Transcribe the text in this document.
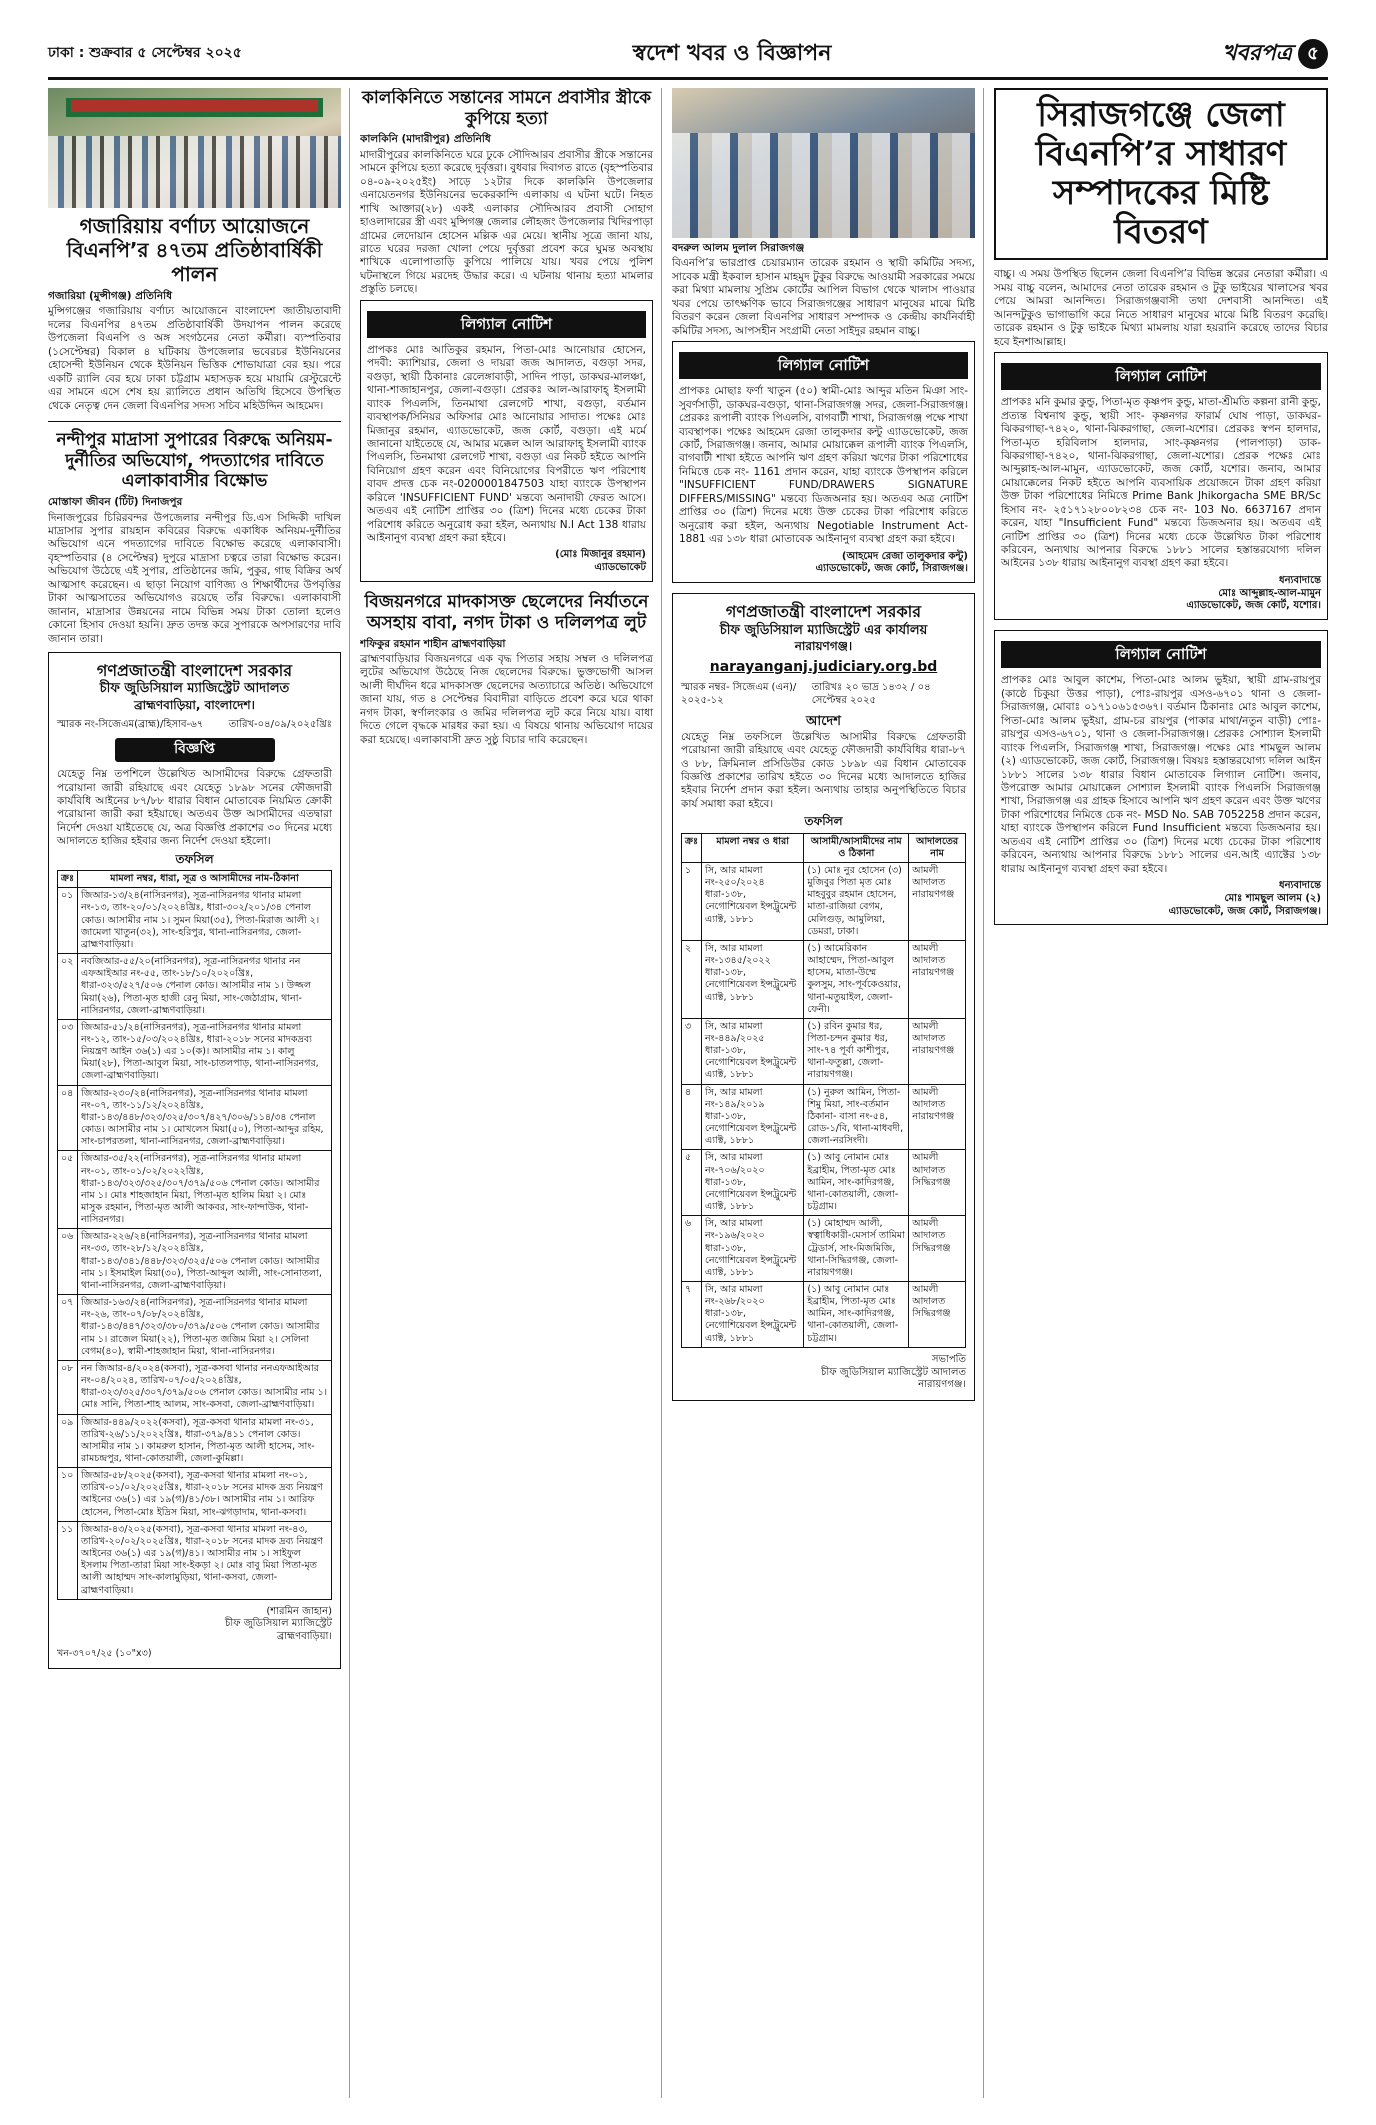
ঢাকা : শুক্রবার ৫ সেপ্টেম্বর ২০২৫	স্বদেশ খবর ও বিজ্ঞাপন	খবরপত্র ৫
গজারিয়ায় বর্ণাঢ্য আয়োজনে বিএনপি’র ৪৭তম প্রতিষ্ঠাবার্ষিকী পালন
গজারিয়া (মুন্সীগঞ্জ) প্রতিনিধি

মুন্সিগঞ্জের গজারিয়ায় বর্ণাঢ্য আয়োজনে বাংলাদেশ জাতীয়তাবাদী দলের বিএনপির ৪৭তম প্রতিষ্ঠাবার্ষিকী উদযাপন পালন করেছে উপজেলা বিএনপি ও অঙ্গ সংগঠনের নেতা কর্মীরা। ব্যস্পতিবার (১সেপ্টেম্বর) বিকাল ৪ ঘটিকায় উপজেলার ভবেরচর ইউনিয়নের হোসেন্দী ইউনিয়ন থেকে ইউনিয়ন ভিত্তিক শোভাযাত্রা বের হয়। পরে একটি র‍্যালি বের হয়ে ঢাকা চট্টগ্রাম মহাসড়ক হয়ে মায়ামি রেস্টুরেন্টে এর সামনে এসে শেষ হয় র‍্যালিতে প্রধান অতিথি হিসেবে উপস্থিত থেকে নেতৃত্ব দেন জেলা বিএনপির সদস্য সচিব মহিউদ্দিন আহমেদ।

নন্দীপুর মাদ্রাসা সুপারের বিরুদ্ধে অনিয়ম-দুর্নীতির অভিযোগ, পদত্যাগের দাবিতে এলাকাবাসীর বিক্ষোভ
মোস্তাফা জীবন (ঢিঁট) দিনাজপুর

দিনাজপুরের চিরিরবন্দর উপজেলার নন্দীপুর ডি.এস সিদ্দিকী দাখিল মাদ্রাসার সুপার রায়হান কবিরের বিরুদ্ধে একাধিক অনিয়ম-দুর্নীতির অভিযোগ এনে পদত্যাগের দাবিতে বিক্ষোভ করেছে এলাকাবাসী। বৃহস্পতিবার (৪ সেপ্টেম্বর) দুপুরে মাদ্রাসা চত্বরে তারা বিক্ষোভ করেন। অভিযোগ উঠেছে এই সুপার, প্রতিষ্ঠানের জমি, পুকুর, গাছ বিক্রির অর্থ আত্মসাৎ করেছেন। এ ছাড়া নিয়োগ বাণিজ্য ও শিক্ষার্থীদের উপবৃত্তির টাকা আত্মসাতের অভিযোগও রয়েছে তাঁর বিরুদ্ধে। এলাকাবাসী জানান, মাদ্রাসার উন্নয়নের নামে বিভিন্ন সময় টাকা তোলা হলেও কোনো হিসাব দেওয়া হয়নি। দ্রুত তদন্ত করে সুপারকে অপসারণের দাবি জানান তারা।

গণপ্রজাতন্ত্রী বাংলাদেশ সরকার
চীফ জুডিসিয়াল ম্যাজিস্ট্রেট আদালত
ব্রাহ্মণবাড়িয়া, বাংলাদেশ।
স্মারক নং-সিজেএম(ব্রাহ্ম)/হিসাব-৬৭	তারিখ-০৪/০৯/২০২৫খ্রিঃ
বিজ্ঞপ্তি

যেহেতু নিম্ন তপশিলে উল্লেখিত আসামীদের বিরুদ্ধে গ্রেফতারী পরোয়ানা জারী রহিয়াছে এবং যেহেতু ১৮৯৮ সনের ফৌজদারী কার্যবিধি আইনের ৮৭/৮৮ ধারার বিধান মোতাবেক নিয়মিত ক্রোকী পরোয়ানা জারী করা হইয়াছে। অতএব উক্ত আসামীদের এতদ্বারা নির্দেশ দেওয়া যাইতেছে যে, অত্র বিজ্ঞপ্তি প্রকাশের ৩০ দিনের মধ্যে আদালতে হাজির হইবার জন্য নির্দেশ দেওয়া হইলো।

তফসিল
ক্রঃ	মামলা নম্বর, ধারা, সূত্র ও আসামীদের নাম-ঠিকানা
০১	জিআর-১৩/২৪(নাসিরনগর), সূত্র-নাসিরনগর থানার মামলা নং-১৩, তাং-২০/০১/২০২৪খ্রিঃ, ধারা-৩০২/২০১/৩৪ পেনাল কোড। আসামীর নাম ১। সুমন মিয়া(৩৫), পিতা-মিরাজ আলী ২। জামেলা খাতুন(৩২), সাং-হরিপুর, থানা-নাসিরনগর, জেলা-ব্রাহ্মণবাড়িয়া।
০২	নবজিআর-৫৫/২০(নাসিরনগর), সূত্র-নাসিরনগর থানার নন এফআইআর নং-৫৫, তাং-১৮/১০/২০২০খ্রিঃ, ধারা-৩২৩/৫২৭/৫০৬ পেনাল কোড। আসামীর নাম ১। উজ্জল মিয়া(২৬), পিতা-মৃত হাজী রেনু মিয়া, সাং-জেঠাগ্রাম, থানা-নাসিরনগর, জেলা-ব্রাহ্মণবাড়িয়া।
০৩	জিআর-৫১/২৪(নাসিরনগর), সূত্র-নাসিরনগর থানার মামলা নং-১২, তাং-১৫/০৩/২০২৪খ্রিঃ, ধারা-২০১৮ সনের মাদকদ্রব্য নিয়ন্ত্রণ আইন ৩৬(১) এর ১০(ক)। আসামীর নাম ১। কালু মিয়া(২৮), পিতা-আবুল মিয়া, সাং-চাতলপাড়, থানা-নাসিরনগর, জেলা-ব্রাহ্মণবাড়িয়া।
০৪	জিআর-২৩০/২৪(নাসিরনগর), সূত্র-নাসিরনগর থানার মামলা নং-০৭, তাং-১১/১২/২০২৪খ্রিঃ, ধারা-১৪৩/৪৪৮/৩২৩/৩২৫/৩০৭/৪২৭/৩০৬/১১৪/৩৪ পেনাল কোড। আসামীর নাম ১। মোখলেস মিয়া(৫০), পিতা-আব্দুর রহিম, সাং-চাপরতলা, থানা-নাসিরনগর, জেলা-ব্রাহ্মণবাড়িয়া।
০৫	জিআর-৩৫/২২(নাসিরনগর), সূত্র-নাসিরনগর থানার মামলা নং-০১, তাং-০১/০২/২০২২খ্রিঃ, ধারা-১৪৩/৩২৩/৩২৫/৩০৭/৩৭৯/৫০৬ পেনাল কোড। আসামীর নাম ১। মোঃ শাহজাহান মিয়া, পিতা-মৃত হালিম মিয়া ২। মোঃ মাসুক রহমান, পিতা-মৃত আলী আকবর, সাং-ফান্দাউক, থানা-নাসিরনগর।
০৬	জিআর-২২৬/২৪(নাসিরনগর), সূত্র-নাসিরনগর থানার মামলা নং-৩৩, তাং-২৮/১২/২০২৪খ্রিঃ, ধারা-১৪৩/৩৪১/৪৪৮/৩২৩/৩২৫/৫০৬ পেনাল কোড। আসামীর নাম ১। ইসমাইল মিয়া(৩০), পিতা-আব্দুল আলী, সাং-সোনাতলা, থানা-নাসিরনগর, জেলা-ব্রাহ্মণবাড়িয়া।
০৭	জিআর-১৬৩/২৪(নাসিরনগর), সূত্র-নাসিরনগর থানার মামলা নং-২৬, তাং-০৭/০৮/২০২৪খ্রিঃ, ধারা-১৪৩/৪৪৭/৩২৩/৩৮০/৩৭৯/৫০৬ পেনাল কোড। আসামীর নাম ১। রাজেল মিয়া(২২), পিতা-মৃত জজিম মিয়া ২। সেলিনা বেগম(৪০), স্বামী-শাহজাহান মিয়া, থানা-নাসিরনগর।
০৮	নন জিআর-৪/২০২৪(কসবা), সূত্র-কসবা থানার ননএফআইআর নং-০৪/২০২৪, তারিখ-০৭/০৫/২০২৪খ্রিঃ, ধারা-৩২৩/৩২৫/৩০৭/৩৭৯/৫০৬ পেনাল কোড। আসামীর নাম ১। মোঃ সানি, পিতা-শাহ আলম, সাং-কসবা, জেলা-ব্রাহ্মণবাড়িয়া।
০৯	জিআর-৪৪৯/২০২২(কসবা), সূত্র-কসবা থানার মামলা নং-৩১, তারিখ-২৬/১১/২০২২খ্রিঃ, ধারা-৩৭৯/৪১১ পেনাল কোড। আসামীর নাম ১। কামরুল হাসান, পিতা-মৃত আলী হাসেম, সাং-রামচন্দ্রপুর, থানা-কোতয়ালী, জেলা-কুমিল্লা।
১০	জিআর-৫৮/২০২৫(কসবা), সূত্র-কসবা থানার মামলা নং-০১, তারিখ-০১/০২/২০২৫খ্রিঃ, ধারা-২০১৮ সনের মাদক দ্রব্য নিয়ন্ত্রণ আইনের ৩৬(১) এর ১৯(গ)/৪১/৩৮। আসামীর নাম ১। আরিফ হোসেন, পিতা-মোঃ ইদ্রিস মিয়া, সাং-ঝগড়াদাম, থানা-কসবা।
১১	জিআর-৪৩/২০২৫(কসবা), সূত্র-কসবা থানার মামলা নং-৪৩, তারিখ-২০/০২/২০২৫খ্রিঃ, ধারা-২০১৮ সনের মাদক দ্রব্য নিয়ন্ত্রণ আইনের ৩৬(১) এর ১৯(গ)/৪১। আসামীর নাম ১। সাইফুল ইসলাম পিতা-তারা মিয়া সাং-ইকড়া ২। মোঃ বাবু মিয়া পিতা-মৃত আলী আহাম্মদ সাং-কালামুড়িয়া, থানা-কসবা, জেলা-ব্রাহ্মণবাড়িয়া।
(শারমিন জাহান)
চীফ জুডিসিয়াল ম্যাজিস্ট্রেট
ব্রাহ্মণবাড়িয়া।
খন-৩৭০৭/২৫ (১০"x৩)
কালকিনিতে সন্তানের সামনে প্রবাসীর স্ত্রীকে কুপিয়ে হত্যা
কালকিনি (মাদারীপুর) প্রতিনিধি

মাদারীপুরের কালকিনিতে ঘরে ঢুকে সৌদিআরব প্রবাসীর স্ত্রীকে সন্তানের সামনে কুপিয়ে হত্যা করেছে দুর্বৃত্তরা। বুধবার দিবাগত রাতে (বৃহস্পতিবার ০৪-০৯-২০২৫ইং) সাড়ে ১২টার দিকে কালকিনি উপজেলার এনায়েতনগর ইউনিয়নের ভকেরকান্দি এলাকায় এ ঘটনা ঘটে। নিহত শাখি আক্তার(২৮) একই এলাকার সৌদিআরব প্রবাসী সোহাগ হাওলাদারের স্ত্রী এবং মুন্সিগঞ্জ জেলার লৌহজং উপজেলার খিদিরপাড়া গ্রামের লেদোয়ান হোসেন মল্লিক এর মেয়ে। স্থানীয় সূত্রে জানা যায়, রাতে ঘরের দরজা খোলা পেয়ে দুর্বৃত্তরা প্রবেশ করে ঘুমন্ত অবস্থায় শাখিকে এলোপাতাড়ি কুপিয়ে পালিয়ে যায়। খবর পেয়ে পুলিশ ঘটনাস্থলে গিয়ে মরদেহ উদ্ধার করে। এ ঘটনায় থানায় হত্যা মামলার প্রস্তুতি চলছে।

লিগ্যাল নোটিশ

প্রাপকঃ মোঃ আতিকুর রহমান, পিতা-মোঃ আনোয়ার হোসেন, পদবী: ক্যাশিয়ার, জেলা ও দায়রা জজ আদালত, বগুড়া সদর, বগুড়া, স্থায়ী ঠিকানাঃ রেলেঙ্গাবাড়ী, সাদিন পাড়া, ডাকঘর-মালঞ্চা, থানা-শাজাহানপুর, জেলা-বগুড়া। প্রেরকঃ আল-আরাফাহ্ ইসলামী ব্যাংক পিএলসি, তিনমাথা রেলগেট শাখা, বগুড়া, বর্তমান ব্যবস্থাপক/সিনিয়র অফিসার মোঃ আনোয়ার সাদাত। পক্ষেঃ মোঃ মিজানুর রহমান, এ্যাডভোকেট, জজ কোর্ট, বগুড়া। এই মর্মে জানানো যাইতেছে যে, আমার মক্কেল আল আরাফাহ্ ইসলামী ব্যাংক পিএলসি, তিনমাথা রেলগেট শাখা, বগুড়া এর নিকট হইতে আপনি বিনিয়োগ গ্রহণ করেন এবং বিনিয়োগের বিপরীতে ঋণ পরিশোধ বাবদ প্রদত্ত চেক নং-0200001847503 যাহা ব্যাংকে উপস্থাপন করিলে 'INSUFFICIENT FUND' মন্তব্যে অনাদায়ী ফেরত আসে। অতএব এই নোটিশ প্রাপ্তির ৩০ (ত্রিশ) দিনের মধ্যে চেকের টাকা পরিশোধ করিতে অনুরোধ করা হইল, অন্যথায় N.I Act 138 ধারায় আইনানুগ ব্যবস্থা গ্রহণ করা হইবে।

(মোঃ মিজানুর রহমান)
এ্যাডভোকেট
বিজয়নগরে মাদকাসক্ত ছেলেদের নির্যাতনে অসহায় বাবা, নগদ টাকা ও দলিলপত্র লুট
শফিকুর রহমান শাহীন ব্রাহ্মণবাড়িয়া

ব্রাহ্মণবাড়িয়ার বিজয়নগরে এক বৃদ্ধ পিতার সহায় সম্বল ও দলিলপত্র লুটের অভিযোগ উঠেছে নিজ ছেলেদের বিরুদ্ধে। ভুক্তভোগী আসল আলী দীর্ঘদিন ধরে মাদকাসক্ত ছেলেদের অত্যাচারে অতিষ্ঠ। অভিযোগে জানা যায়, গত ৪ সেপ্টেম্বর বিবাদীরা বাড়িতে প্রবেশ করে ঘরে থাকা নগদ টাকা, স্বর্ণালংকার ও জমির দলিলপত্র লুট করে নিয়ে যায়। বাধা দিতে গেলে বৃদ্ধকে মারধর করা হয়। এ বিষয়ে থানায় অভিযোগ দায়ের করা হয়েছে। এলাকাবাসী দ্রুত সুষ্ঠু বিচার দাবি করেছেন।

বদরুল আলম দুলাল সিরাজগঞ্জ

বিএনপি’র ভারপ্রাপ্ত চেয়ারম্যান তারেক রহমান ও স্থায়ী কমিটির সদস্য, সাবেক মন্ত্রী ইকবাল হাসান মাহমুদ টুকুর বিরুদ্ধে আওয়ামী সরকারের সময়ে করা মিথ্যা মামলায় সুপ্রিম কোর্টের আপিল বিভাগ থেকে খালাস পাওয়ার খবর পেয়ে তাৎক্ষণিক ভাবে সিরাজগঞ্জের সাধারণ মানুষের মাঝে মিষ্টি বিতরণ করেন জেলা বিএনপির সাধারণ সম্পাদক ও কেন্দ্রীয় কার্যনির্বাহী কমিটির সদস্য, আপসহীন সংগ্রামী নেতা সাইদুর রহমান বাচ্চু।

লিগ্যাল নোটিশ

প্রাপকঃ মোছাঃ ফর্ণা খাতুন (৫০) স্বামী-মোঃ আব্দুর মতিন মিঞা সাং-সুবর্ণসাড়ী, ডাকঘর-বগুড়া, থানা-সিরাজগঞ্জ সদর, জেলা-সিরাজগঞ্জ। প্রেরকঃ রূপালী ব্যাংক পিএলসি, বাগবাটী শাখা, সিরাজগঞ্জ পক্ষে শাখা ব্যবস্থাপক। পক্ষেঃ আহমেদ রেজা তালুকদার কন্টু এ্যাডভোকেট, জজ কোর্ট, সিরাজগঞ্জ। জনাব, আমার মোয়াক্কেল রূপালী ব্যাংক পিএলসি, বাগবাটী শাখা হইতে আপনি ঋণ গ্রহণ করিয়া ঋণের টাকা পরিশোধের নিমিত্তে চেক নং- 1161 প্রদান করেন, যাহা ব্যাংকে উপস্থাপন করিলে "INSUFFICIENT FUND/DRAWERS SIGNATURE DIFFERS/MISSING" মন্তব্যে ডিজঅনার হয়। অতএব অত্র নোটিশ প্রাপ্তির ৩০ (ত্রিশ) দিনের মধ্যে উক্ত চেকের টাকা পরিশোধ করিতে অনুরোধ করা হইল, অন্যথায় Negotiable Instrument Act-1881 এর ১৩৮ ধারা মোতাবেক আইনানুগ ব্যবস্থা গ্রহণ করা হইবে।

(আহমেদ রেজা তালুকদার কন্টু)
এ্যাডভোকেট, জজ কোর্ট, সিরাজগঞ্জ।
গণপ্রজাতন্ত্রী বাংলাদেশ সরকার
চীফ জুডিসিয়াল ম্যাজিস্ট্রেট এর কার্যালয়
নারায়ণগঞ্জ।
narayanganj.judiciary.org.bd
স্মারক নম্বর- সিজেএম (এন)/২০২৫-১২
তারিখঃ ২০ ভাদ্র ১৪৩২ / ০৪ সেপ্টেম্বর ২০২৫
আদেশ

যেহেতু নিম্ন তফসিলে উল্লেখিত আসামীর বিরুদ্ধে গ্রেফতারী পরোয়ানা জারী রহিয়াছে এবং যেহেতু ফৌজদারী কার্যবিধির ধারা-৮৭ ও ৮৮, ক্রিমিনাল প্রসিডিউর কোড ১৮৯৮ এর বিধান মোতাবেক বিজ্ঞপ্তি প্রকাশের তারিখ হইতে ৩০ দিনের মধ্যে আদালতে হাজির হইবার নির্দেশ প্রদান করা হইল। অন্যথায় তাহার অনুপস্থিতিতে বিচার কার্য সমাধা করা হইবে।

তফসিল
ক্রঃ	মামলা নম্বর ও ধারা	আসামী/আসামীদের নাম ও ঠিকানা	আদালতের নাম
১	সি, আর মামলা নং-২৫০/২০২৪ ধারা-১৩৮, নেগোশিয়েবল ইন্সট্রুমেন্ট এ্যাক্ট, ১৮৮১	(১) মোঃ নুর হোসেন (৩) মুজিবুর পিতা মৃত মোঃ মাহবুবুর রহমান হোসেন, মাতা-রাজিয়া বেগম, মেলিগুড়, আমুলিয়া, ডেমরা, ঢাকা।	আমলী আদালত নারায়ণগঞ্জ
২	সি, আর মামলা নং-১৩৪৫/২০২২ ধারা-১৩৮, নেগোশিয়েবল ইন্সট্রুমেন্ট এ্যাক্ট, ১৮৮১	(১) আমেরিকান আহাম্মেদ, পিতা-আবুল হাসেম, মাতা-উম্মে কুলসুম, সাং-পূর্বকেওয়ার, থানা-মতুয়াইল, জেলা-ফেনী।	আমলী আদালত নারায়ণগঞ্জ
৩	সি, আর মামলা নং-৪৪৯/২০২৫ ধারা-১৩৮, নেগোশিয়েবল ইন্সট্রুমেন্ট এ্যাক্ট, ১৮৮১	(১) রবিন কুমার ধর, পিতা-চন্দন কুমার ধর, সাং-৭৪ পূর্বা কাশীপুর, থানা-ফতুল্লা, জেলা-নারায়ণগঞ্জ।	আমলী আদালত নারায়ণগঞ্জ
৪	সি, আর মামলা নং-১৪৯/২০১৯ ধারা-১৩৮, নেগোশিয়েবল ইন্সট্রুমেন্ট এ্যাক্ট, ১৮৮১	(১) নুরুল আমিন, পিতা-শিমু মিয়া, সাং-বর্তমান ঠিকানা- বাসা নং-৫৪, রোড-১/বি, থানা-মাধবদী, জেলা-নরসিংদী।	আমলী আদালত নারায়ণগঞ্জ
৫	সি, আর মামলা নং-৭০৬/২০২০ ধারা-১৩৮, নেগোশিয়েবল ইন্সট্রুমেন্ট এ্যাক্ট, ১৮৮১	(১) আবু নোমান মোঃ ইব্রাহীম, পিতা-মৃত মোঃ আমিন, সাং-কাদিরগঞ্জ, থানা-কোতয়ালী, জেলা-চট্টগ্রাম।	আমলী আদালত সিদ্ধিরগঞ্জ
৬	সি, আর মামলা নং-১৯৬/২০২০ ধারা-১৩৮, নেগোশিয়েবল ইন্সট্রুমেন্ট এ্যাক্ট, ১৮৮১	(১) মোহাম্মদ আলী, স্বত্বাধিকারী-মেসার্স তামিমা ট্রেডার্স, সাং-মিজমিজি, থানা-সিদ্ধিরগঞ্জ, জেলা-নারায়ণগঞ্জ।	আমলী আদালত সিদ্ধিরগঞ্জ
৭	সি, আর মামলা নং-২৬৮/২০২০ ধারা-১৩৮, নেগোশিয়েবল ইন্সট্রুমেন্ট এ্যাক্ট, ১৮৮১	(১) আবু নোমান মোঃ ইব্রাহীম, পিতা-মৃত মোঃ আমিন, সাং-কাদিরগঞ্জ, থানা-কোতয়ালী, জেলা-চট্টগ্রাম।	আমলী আদালত সিদ্ধিরগঞ্জ
সভাপতি
চীফ জুডিসিয়াল ম্যাজিস্ট্রেট আদালত
নারায়ণগঞ্জ।
সিরাজগঞ্জে জেলা বিএনপি’র সাধারণ সম্পাদকের মিষ্টি বিতরণ

বাচ্চু। এ সময় উপস্থিত ছিলেন জেলা বিএনপি’র বিভিন্ন স্তরের নেতারা কর্মীরা। এ সময় বাচ্চু বলেন, আমাদের নেতা তারেক রহমান ও টুকু ভাইয়ের খালাসের খবর পেয়ে আমরা আনন্দিত। সিরাজগঞ্জবাসী তথা দেশবাসী আনন্দিত। এই আনন্দটুকুও ভাগাভাগি করে নিতে সাধারণ মানুষের মাঝে মিষ্টি বিতরণ করেছি। তারেক রহমান ও টুকু ভাইকে মিথ্যা মামলায় যারা হয়রানি করেছে তাদের বিচার হবে ইনশাআল্লাহ।

লিগ্যাল নোটিশ

প্রাপকঃ মনি কুমার কুন্ডু, পিতা-মৃত কৃষ্ণপদ কুন্ডু, মাতা-শ্রীমতি কল্পনা রানী কুন্ডু, প্রত্যন্ত বিশ্বনাথ কুন্ডু, স্থায়ী সাং- কৃষ্ণনগর ফারার্ম ঘোষ পাড়া, ডাকঘর-ঝিকরগাছা-৭৪২০, থানা-ঝিকরগাছা, জেলা-যশোর। প্রেরকঃ স্বপন হালদার, পিতা-মৃত হরিবিলাস হালদার, সাং-কৃষ্ণনগর (পালপাড়া) ডাক-ঝিকরগাছা-৭৪২০, থানা-ঝিকরগাছা, জেলা-যশোর। প্রেরক পক্ষেঃ মোঃ আব্দুল্লাহ-আল-মামুন, এ্যাডভোকেট, জজ কোর্ট, যশোর। জনাব, আমার মোয়াক্কেলের নিকট হইতে আপনি ব্যবসায়িক প্রয়োজনে টাকা গ্রহণ করিয়া উক্ত টাকা পরিশোধের নিমিত্তে Prime Bank Jhikorgacha SME BR/Sc হিসাব নং- ২৫১৭১২৮০০৮২৩৪ চেক নং- 103 No. 6637167 প্রদান করেন, যাহা "Insufficient Fund" মন্তব্যে ডিজঅনার হয়। অতএব এই নোটিশ প্রাপ্তির ৩০ (ত্রিশ) দিনের মধ্যে চেকে উল্লেখিত টাকা পরিশোধ করিবেন, অন্যথায় আপনার বিরুদ্ধে ১৮৮১ সালের হস্তান্তরযোগ্য দলিল আইনের ১৩৮ ধারায় আইনানুগ ব্যবস্থা গ্রহণ করা হইবে।

ধন্যবাদান্তে
মোঃ আব্দুল্লাহ-আল-মামুন
এ্যাডভোকেট, জজ কোর্ট, যশোর।
লিগ্যাল নোটিশ

প্রাপকঃ মোঃ আবুল কাশেম, পিতা-মোঃ আলম ভুইয়া, স্থায়ী গ্রাম-রায়পুর (কাষ্ঠে চিকুয়া উত্তর পাড়া), পোঃ-রায়পুর এসও-৬৭০১ থানা ও জেলা-সিরাজগঞ্জ, মোবাঃ ০১৭১০৬১৫৩৬৭। বর্তমান ঠিকানাঃ মোঃ আবুল কাশেম, পিতা-মোঃ আলম ভুইয়া, গ্রাম-চর রায়পুর (পাকার মাথা/নতুন বাড়ী) পোঃ-রায়পুর এসও-৬৭০১, থানা ও জেলা-সিরাজগঞ্জ। প্রেরকঃ সোশ্যাল ইসলামী ব্যাংক পিএলসি, সিরাজগঞ্জ শাখা, সিরাজগঞ্জ। পক্ষেঃ মোঃ শামছুল আলম (২) এ্যাডভোকেট, জজ কোর্ট, সিরাজগঞ্জ। বিষয়ঃ হস্তান্তরযোগ্য দলিল আইন ১৮৮১ সালের ১৩৮ ধারার বিধান মোতাবেক লিগ্যাল নোটিশ। জনাব, উপরোক্ত আমার মোয়াক্কেল সোশ্যাল ইসলামী ব্যাংক পিএলসি সিরাজগঞ্জ শাখা, সিরাজগঞ্জ এর গ্রাহক হিসাবে আপনি ঋণ গ্রহণ করেন এবং উক্ত ঋণের টাকা পরিশোধের নিমিত্তে চেক নং- MSD No. SAB 7052258 প্রদান করেন, যাহা ব্যাংকে উপস্থাপন করিলে Fund Insufficient মন্তব্যে ডিজঅনার হয়। অতএব এই নোটিশ প্রাপ্তির ৩০ (ত্রিশ) দিনের মধ্যে চেকের টাকা পরিশোধ করিবেন, অন্যথায় আপনার বিরুদ্ধে ১৮৮১ সালের এন.আই এ্যাক্টের ১৩৮ ধারায় আইনানুগ ব্যবস্থা গ্রহণ করা হইবে।

ধন্যবাদান্তে
মোঃ শামছুল আলম (২)
এ্যাডভোকেট, জজ কোর্ট, সিরাজগঞ্জ।
